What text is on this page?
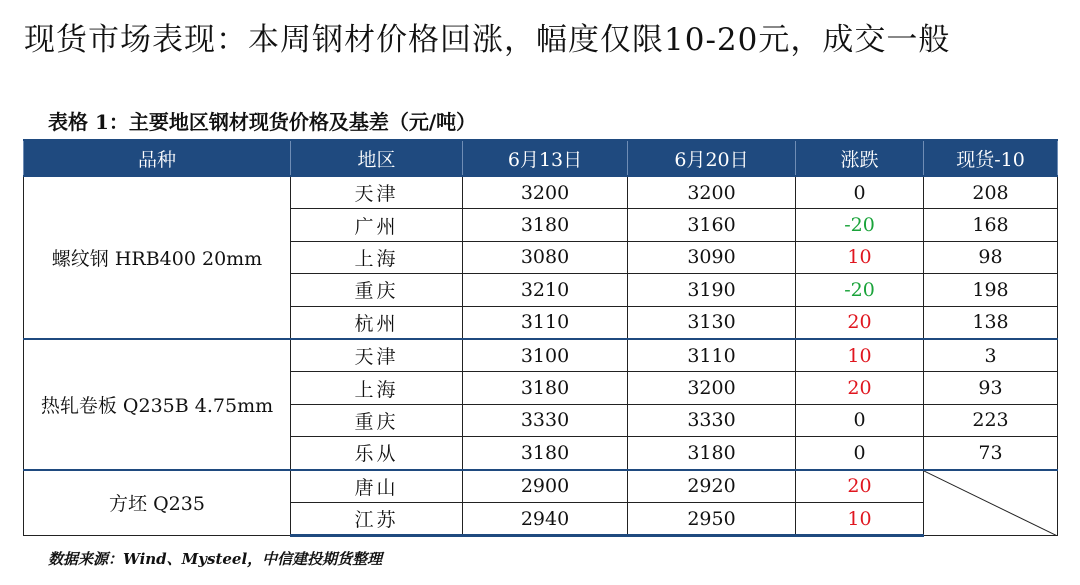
现货市场表现：本周钢材价格回涨，幅度仅限10-20元，成交一般
表格 1：主要地区钢材现货价格及基差（元/吨）
品种	地区	6月13日	6月20日	涨跌	现货-10
螺纹钢 HRB400 20mm	天津	3200	3200	0	208
	广州	3180	3160	-20	168
	上海	3080	3090	10	98
	重庆	3210	3190	-20	198
	杭州	3110	3130	20	138
热轧卷板 Q235B 4.75mm	天津	3100	3110	10	3
	上海	3180	3200	20	93
	重庆	3330	3330	0	223
	乐从	3180	3180	0	73
方坯 Q235	唐山	2900	2920	20	

	江苏	2940	2950	10	
数据来源：Wind、Mysteel，中信建投期货整理
